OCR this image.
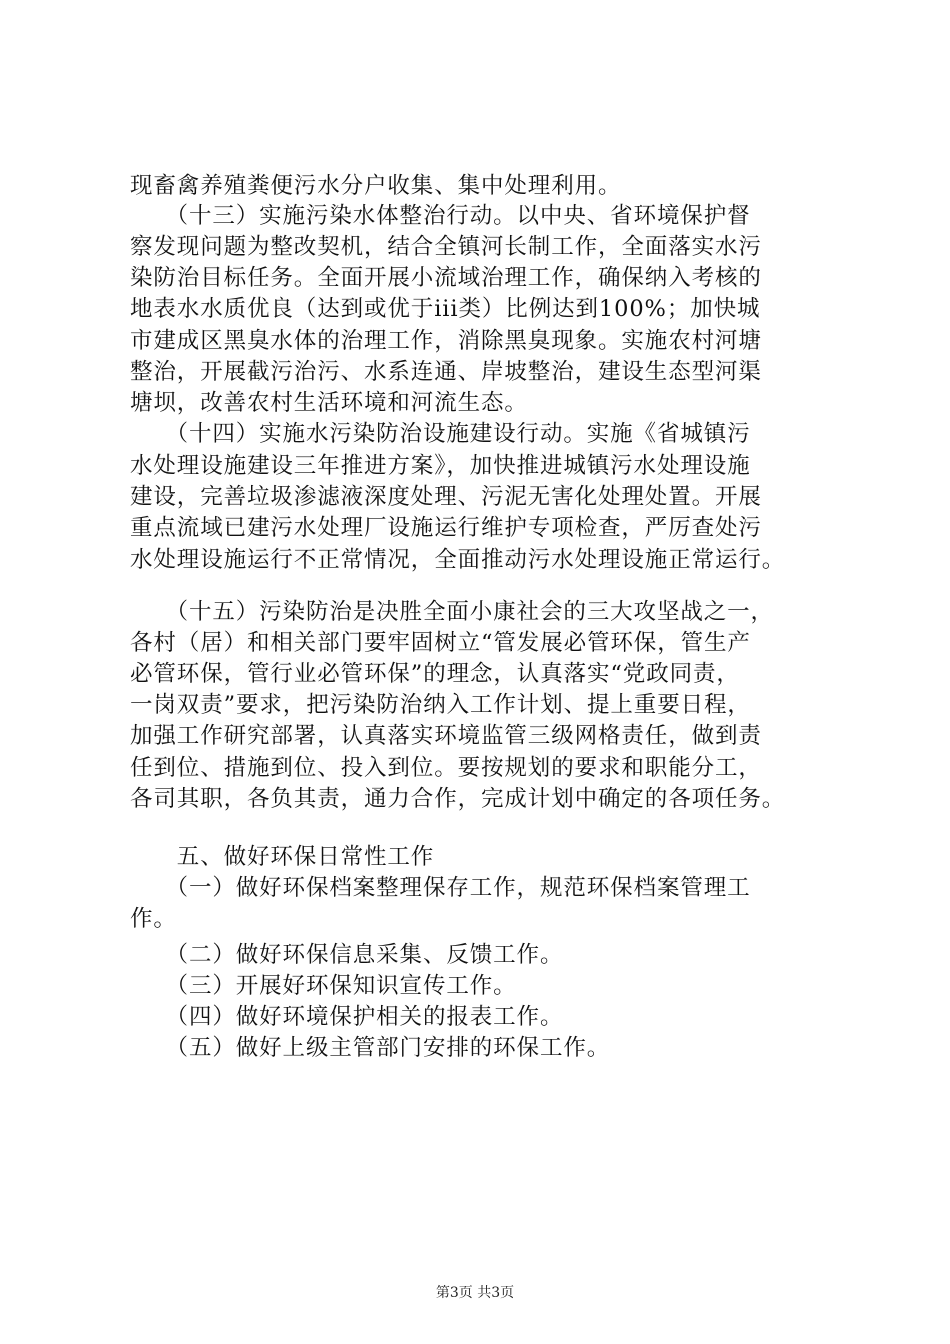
现畜禽养殖粪便污水分户收集、集中处理利用。
　　（十三）实施污染水体整治行动。以中央、省环境保护督
察发现问题为整改契机，结合全镇河长制工作，全面落实水污
染防治目标任务。全面开展小流域治理工作，确保纳入考核的
地表水水质优良（达到或优于iii类）比例达到100%；加快城
市建成区黑臭水体的治理工作，消除黑臭现象。实施农村河塘
整治，开展截污治污、水系连通、岸坡整治，建设生态型河渠
塘坝，改善农村生活环境和河流生态。
　　（十四）实施水污染防治设施建设行动。实施《省城镇污
水处理设施建设三年推进方案》，加快推进城镇污水处理设施
建设，完善垃圾渗滤液深度处理、污泥无害化处理处置。开展
重点流域已建污水处理厂设施运行维护专项检查，严厉查处污
水处理设施运行不正常情况，全面推动污水处理设施正常运行。
　　（十五）污染防治是决胜全面小康社会的三大攻坚战之一，
各村（居）和相关部门要牢固树立“管发展必管环保，管生产
必管环保，管行业必管环保”的理念，认真落实“党政同责，
一岗双责”要求，把污染防治纳入工作计划、提上重要日程，
加强工作研究部署，认真落实环境监管三级网格责任，做到责
任到位、措施到位、投入到位。要按规划的要求和职能分工，
各司其职，各负其责，通力合作，完成计划中确定的各项任务。
　　五、做好环保日常性工作
　　（一）做好环保档案整理保存工作，规范环保档案管理工
作。
　　（二）做好环保信息采集、反馈工作。
　　（三）开展好环保知识宣传工作。
　　（四）做好环境保护相关的报表工作。
　　（五）做好上级主管部门安排的环保工作。
第3页 共3页
